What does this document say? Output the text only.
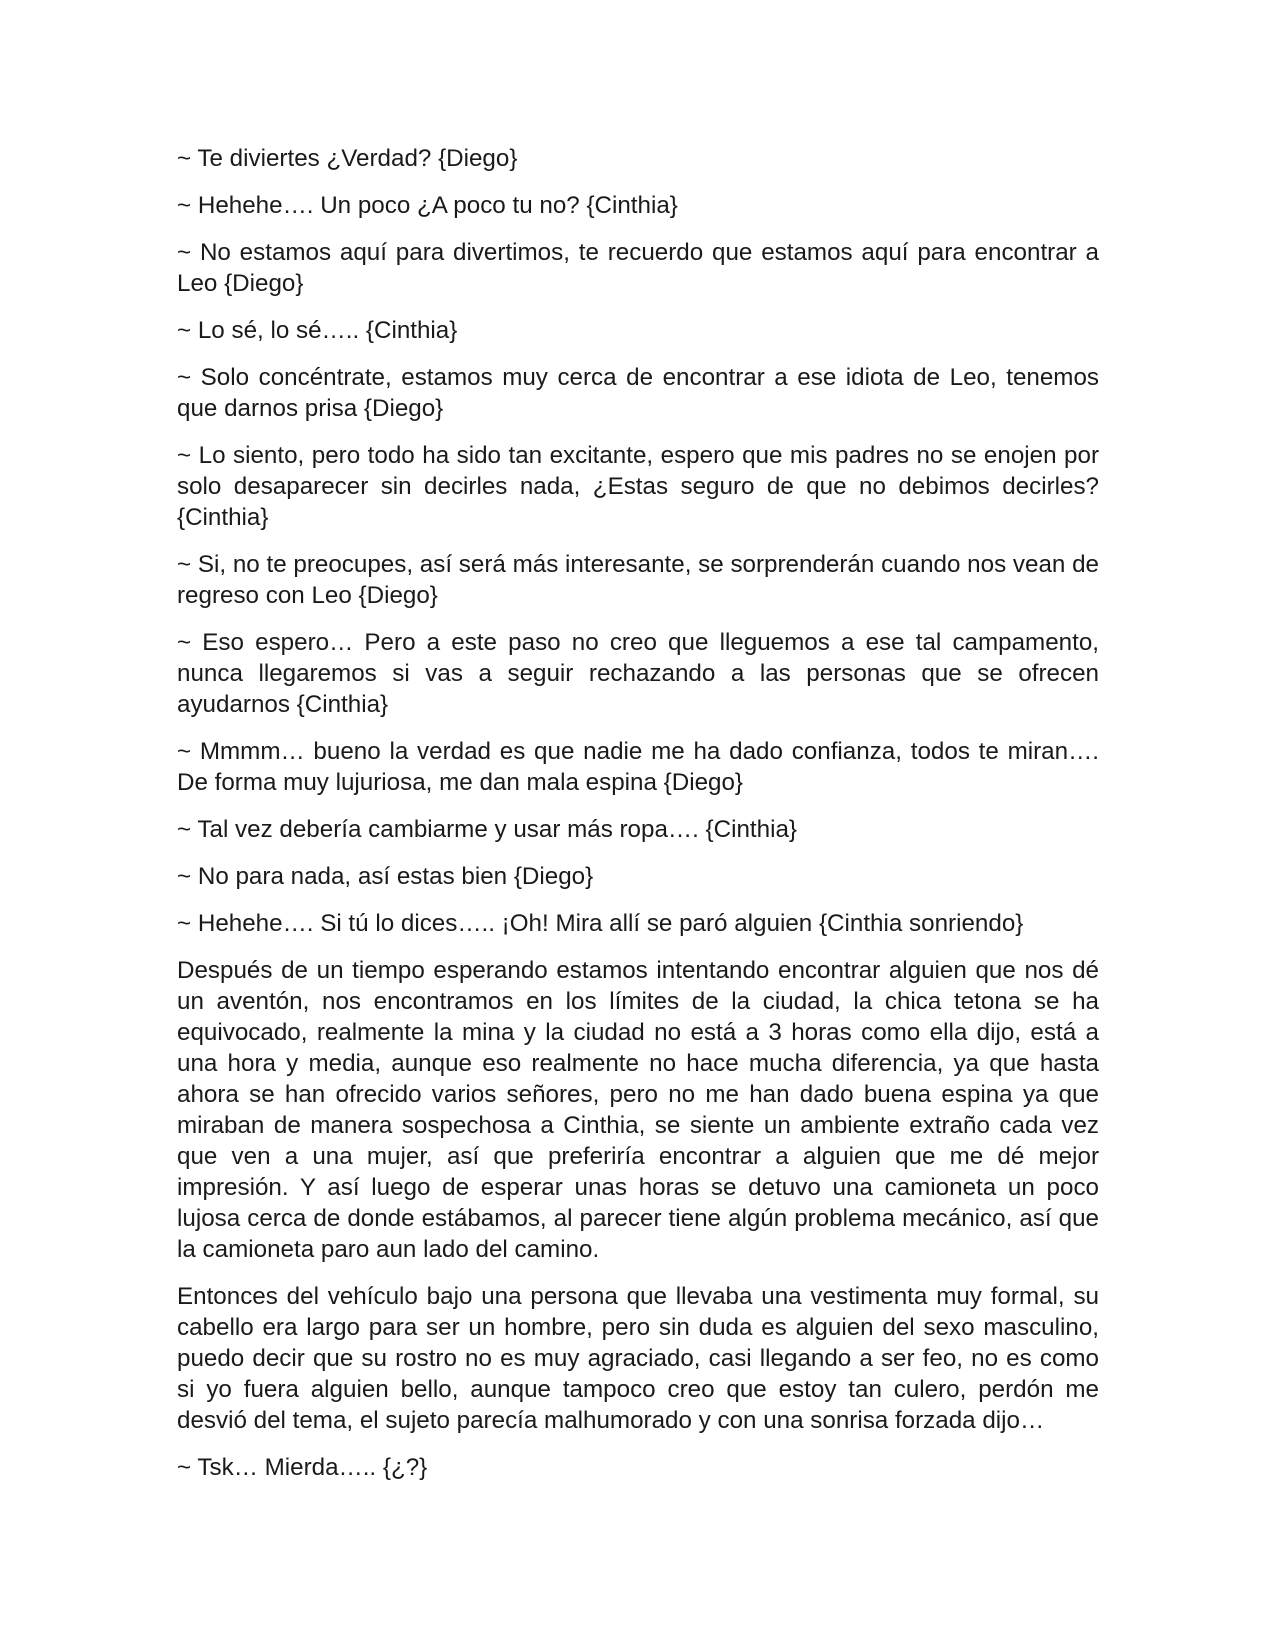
~ Te diviertes ¿Verdad? {Diego}

~ Hehehe…. Un poco ¿A poco tu no? {Cinthia}

~ No estamos aquí para divertimos, te recuerdo que estamos aquí para encontrar a Leo {Diego}

~ Lo sé, lo sé….. {Cinthia}

~ Solo concéntrate, estamos muy cerca de encontrar a ese idiota de Leo, tenemos que darnos prisa {Diego}

~ Lo siento, pero todo ha sido tan excitante, espero que mis padres no se enojen por solo desaparecer sin decirles nada, ¿Estas seguro de que no debimos decirles? {Cinthia}

~ Si, no te preocupes, así será más interesante, se sorprenderán cuando nos vean de regreso con Leo {Diego}

~ Eso espero… Pero a este paso no creo que lleguemos a ese tal campamento, nunca llegaremos si vas a seguir rechazando a las personas que se ofrecen ayudarnos {Cinthia}

~ Mmmm… bueno la verdad es que nadie me ha dado confianza, todos te miran…. De forma muy lujuriosa, me dan mala espina {Diego}

~ Tal vez debería cambiarme y usar más ropa…. {Cinthia}

~ No para nada, así estas bien {Diego}

~ Hehehe…. Si tú lo dices….. ¡Oh! Mira allí se paró alguien {Cinthia sonriendo}

Después de un tiempo esperando estamos intentando encontrar alguien que nos dé un aventón, nos encontramos en los límites de la ciudad, la chica tetona se ha equivocado, realmente la mina y la ciudad no está a 3 horas como ella dijo, está a una hora y media, aunque eso realmente no hace mucha diferencia, ya que hasta ahora se han ofrecido varios señores, pero no me han dado buena espina ya que miraban de manera sospechosa a Cinthia, se siente un ambiente extraño cada vez que ven a una mujer, así que preferiría encontrar a alguien que me dé mejor impresión. Y así luego de esperar unas horas se detuvo una camioneta un poco lujosa cerca de donde estábamos, al parecer tiene algún problema mecánico, así que la camioneta paro aun lado del camino.

Entonces del vehículo bajo una persona que llevaba una vestimenta muy formal, su cabello era largo para ser un hombre, pero sin duda es alguien del sexo masculino, puedo decir que su rostro no es muy agraciado, casi llegando a ser feo, no es como si yo fuera alguien bello, aunque tampoco creo que estoy tan culero, perdón me desvió del tema, el sujeto parecía malhumorado y con una sonrisa forzada dijo…

~ Tsk… Mierda….. {¿?}
